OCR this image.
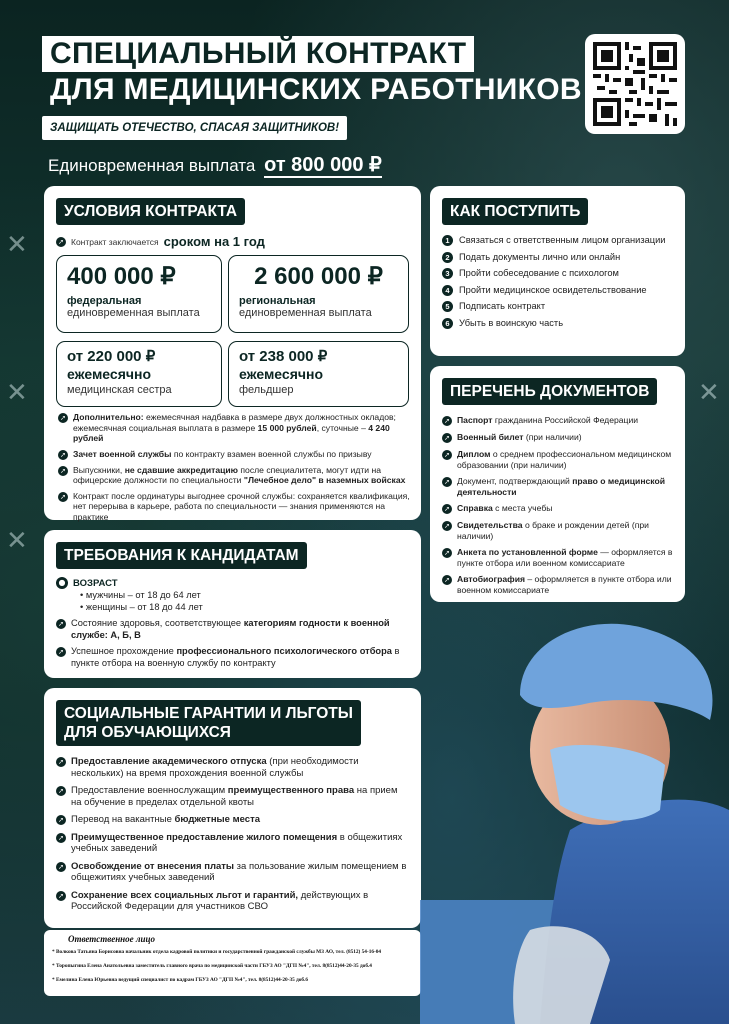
✕
✕
✕
✕
СПЕЦИАЛЬНЫЙ КОНТРАКТ
ДЛЯ МЕДИЦИНСКИХ РАБОТНИКОВ
ЗАЩИЩАТЬ ОТЕЧЕСТВО, СПАСАЯ ЗАЩИТНИКОВ!
Единовременная выплата от 800 000 ₽
УСЛОВИЯ КОНТРАКТА
➚ Контракт заключается сроком на 1 год
400 000 ₽
федеральная
единовременная выплата
2 600 000 ₽
региональная
единовременная выплата
от 220 000 ₽
ежемесячно
медицинская сестра
от 238 000 ₽
ежемесячно
фельдшер
➚ Дополнительно: ежемесячная надбавка в размере двух должностных окладов; ежемесячная социальная выплата в размере 15 000 рублей, суточные – 4 240 рублей
➚ Зачет военной службы по контракту взамен военной службы по призыву
➚ Выпускники, не сдавшие аккредитацию после специалитета, могут идти на офицерские должности по специальности "Лечебное дело" в наземных войсках
➚ Контракт после ординатуры выгоднее срочной службы: сохраняется квалификация, нет перерыва в карьере, работа по специальности — знания применяются на практике
КАК ПОСТУПИТЬ
1	Связаться с ответственным лицом организации
2	Подать документы лично или онлайн
3	Пройти собеседование с психологом
4	Пройти медицинское освидетельствование
5	Подписать контракт
6	Убыть в воинскую часть
ПЕРЕЧЕНЬ ДОКУМЕНТОВ
➚ Паспорт гражданина Российской Федерации
➚ Военный билет (при наличии)
➚ Диплом о среднем профессиональном медицинском образовании (при наличии)
➚ Документ, подтверждающий право о медицинской деятельности
➚ Справка с места учебы
➚ Свидетельства о браке и рождении детей (при наличии)
➚ Анкета по установленной форме — оформляется в пункте отбора или военном комиссариате
➚ Автобиография – оформляется в пункте отбора или военном комиссариате
ТРЕБОВАНИЯ К КАНДИДАТАМ
● ВОЗРАСТ
• мужчины – от 18 до 64 лет
• женщины – от 18 до 44 лет
➚ Состояние здоровья, соответствующее категориям годности к военной службе: А, Б, В
➚ Успешное прохождение профессионального психологического отбора в пункте отбора на военную службу по контракту
СОЦИАЛЬНЫЕ ГАРАНТИИ И ЛЬГОТЫ
ДЛЯ ОБУЧАЮЩИХСЯ
➚ Предоставление академического отпуска (при необходимости нескольких) на время прохождения военной службы
➚ Предоставление военнослужащим преимущественного права на прием на обучение в пределах отдельной квоты
➚ Перевод на вакантные бюджетные места
➚ Преимущественное предоставление жилого помещения в общежитиях учебных заведений
➚ Освобождение от внесения платы за пользование жилым помещением в общежитиях учебных заведений
➚ Сохранение всех социальных льгот и гарантий, действующих в Российской Федерации для участников СВО
Ответственное лицо
* Волкова Татьяна Борисовна начальник отдела кадровой политики и государственной гражданской службы МЗ АО, тел. (8512) 54-16-04
* Торопыгина Елена Анатольевна заместитель главного врача по медицинской части ГБУЗ АО "ДГП №4", тел. 8(8512)44-20-35 доб.4
* Емелина Елена Юрьевна ведущий специалист по кадрам ГБУЗ АО "ДГП №4", тел. 8(8512)44-20-35 доб.6
